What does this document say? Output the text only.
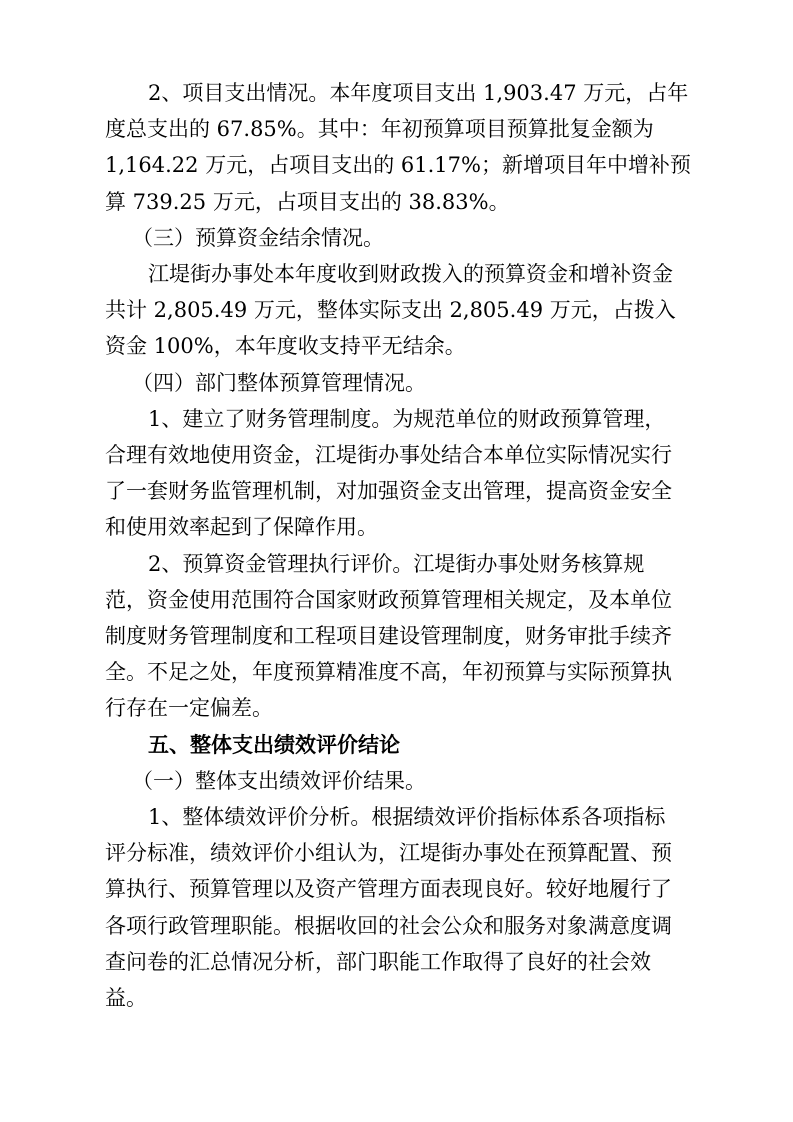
2、项目支出情况。本年度项目支出 1,903.47 万元，占年

度总支出的 67.85%。其中：年初预算项目预算批复金额为

1,164.22 万元，占项目支出的 61.17%；新增项目年中增补预

算 739.25 万元，占项目支出的 38.83%。

（三）预算资金结余情况。

江堤街办事处本年度收到财政拨入的预算资金和增补资金

共计 2,805.49 万元，整体实际支出 2,805.49 万元，占拨入

资金 100%，本年度收支持平无结余。

（四）部门整体预算管理情况。

1、建立了财务管理制度。为规范单位的财政预算管理，

合理有效地使用资金，江堤街办事处结合本单位实际情况实行

了一套财务监管理机制，对加强资金支出管理，提高资金安全

和使用效率起到了保障作用。

2、预算资金管理执行评价。江堤街办事处财务核算规

范，资金使用范围符合国家财政预算管理相关规定，及本单位

制度财务管理制度和工程项目建设管理制度，财务审批手续齐

全。不足之处，年度预算精准度不高，年初预算与实际预算执

行存在一定偏差。

五、整体支出绩效评价结论

（一）整体支出绩效评价结果。

1、整体绩效评价分析。根据绩效评价指标体系各项指标

评分标准，绩效评价小组认为，江堤街办事处在预算配置、预

算执行、预算管理以及资产管理方面表现良好。较好地履行了

各项行政管理职能。根据收回的社会公众和服务对象满意度调

查问卷的汇总情况分析，部门职能工作取得了良好的社会效

益。
